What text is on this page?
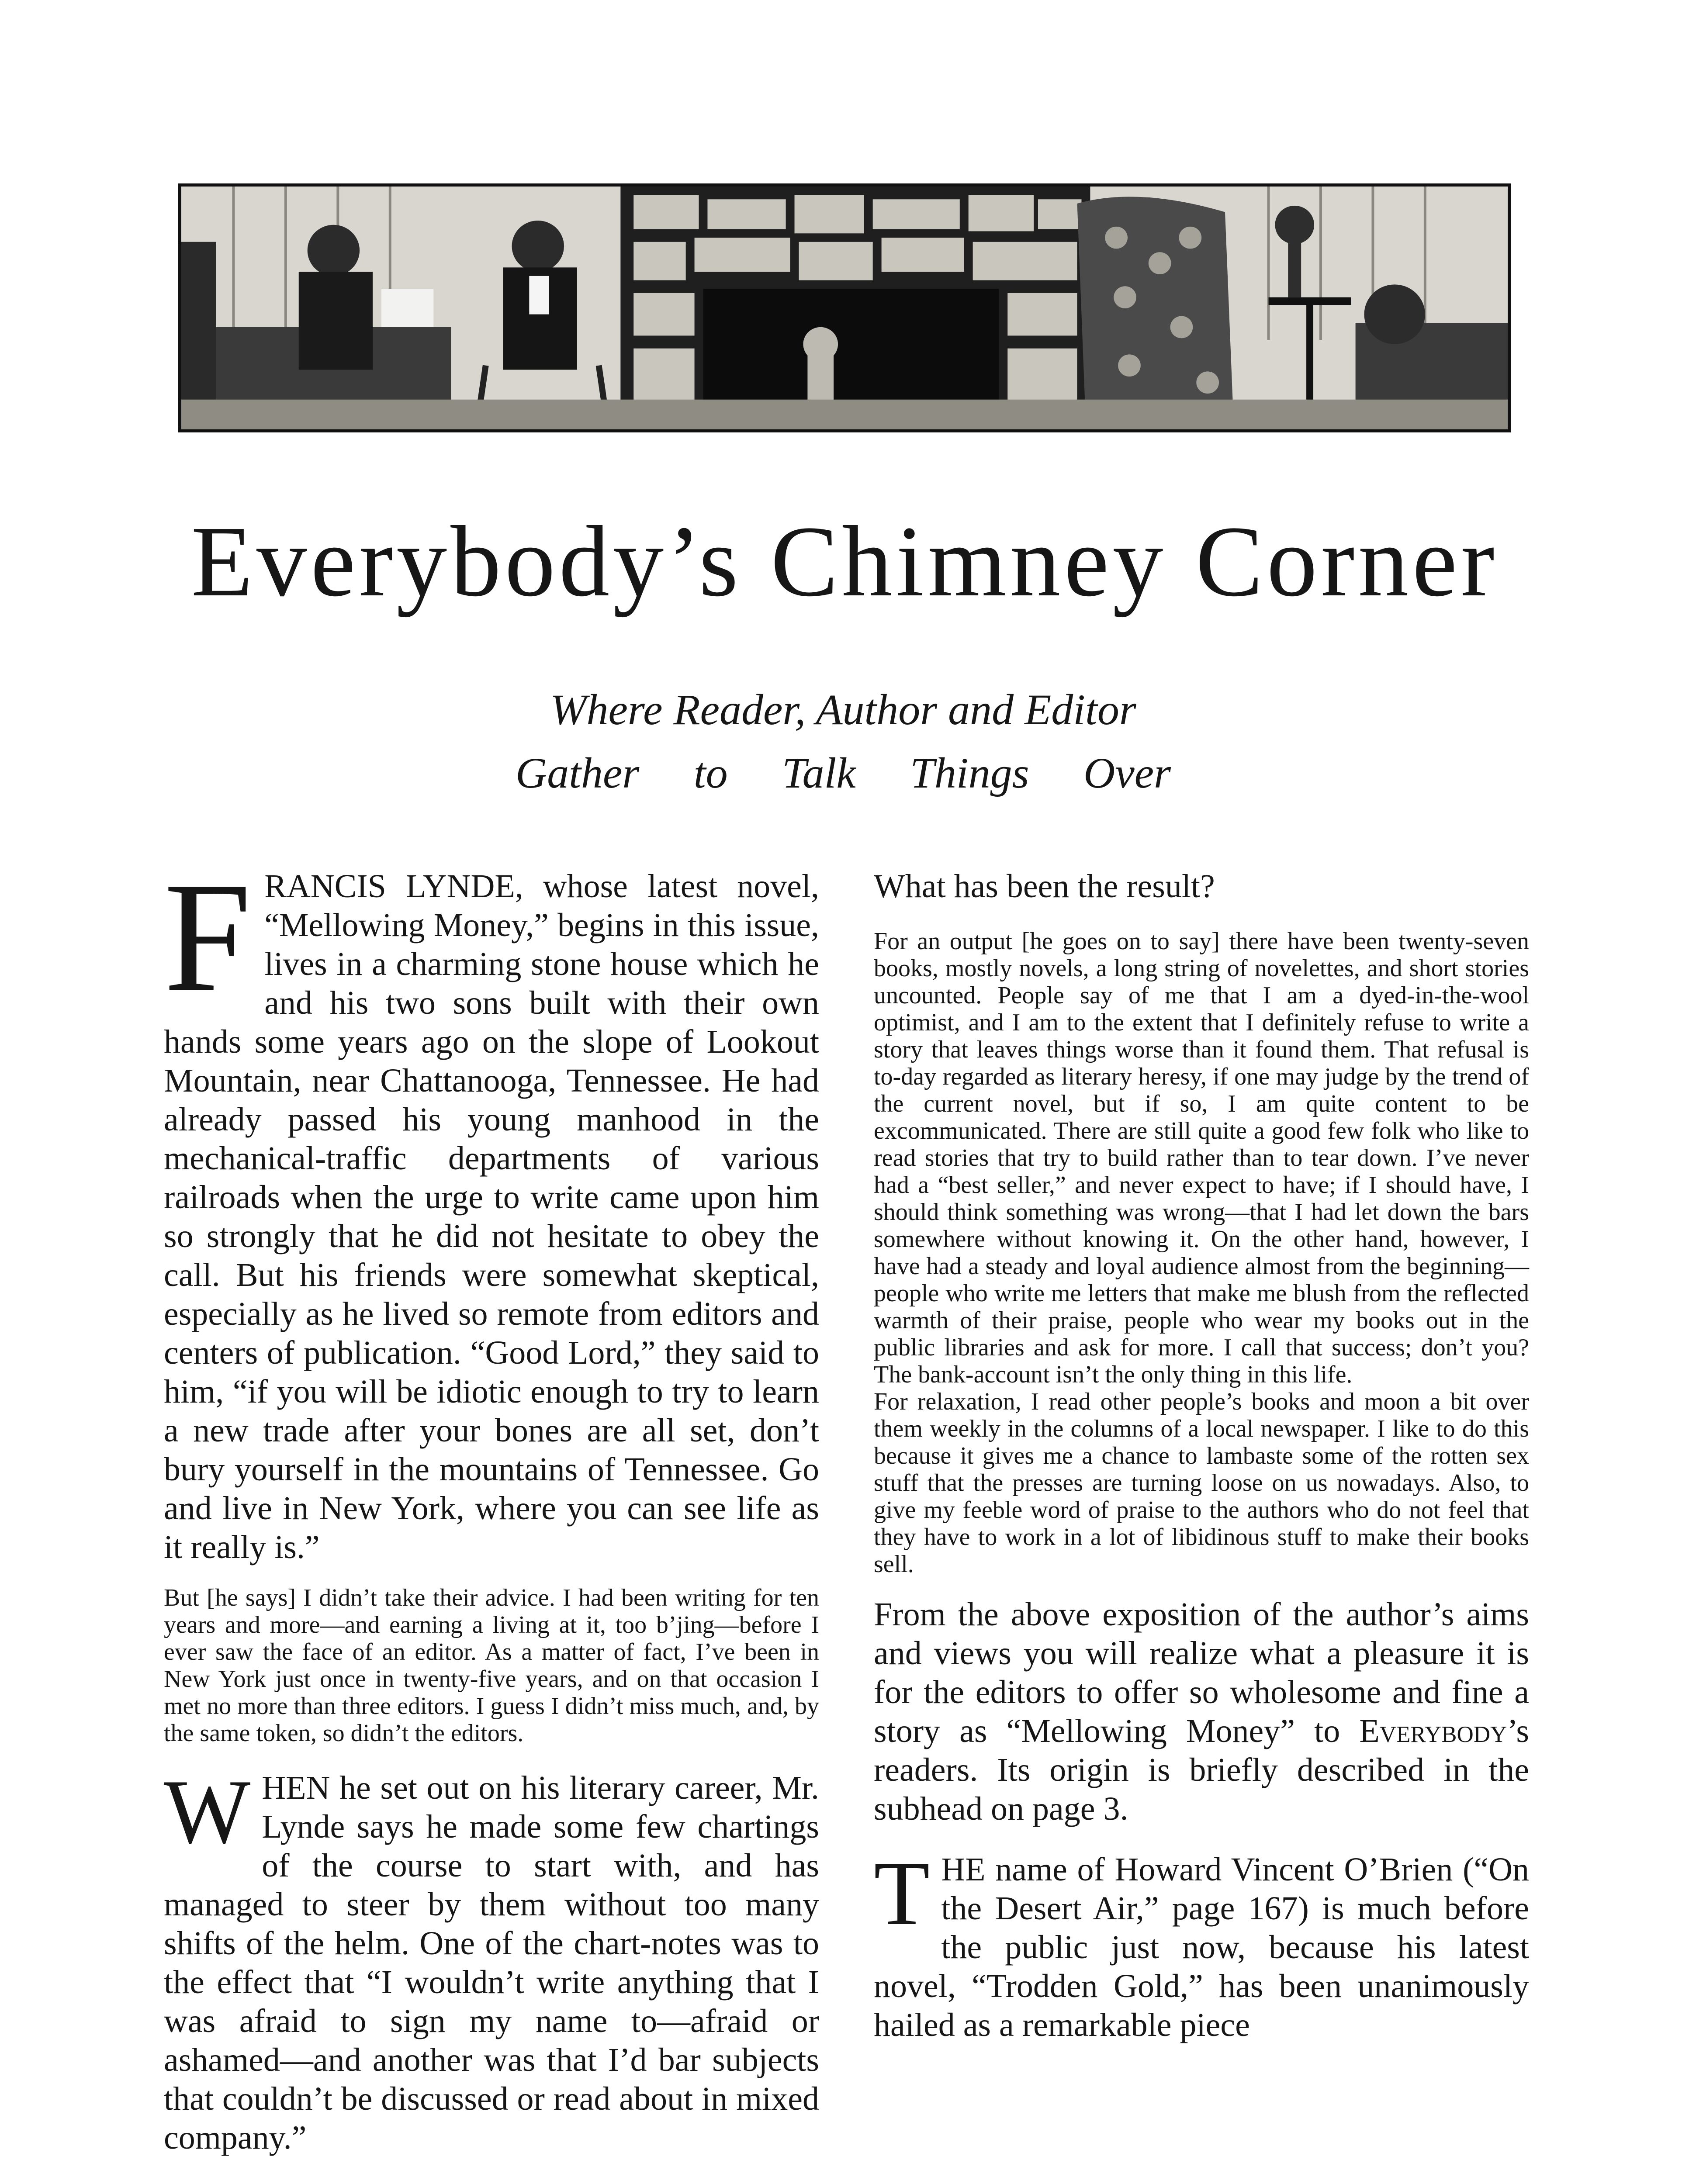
Everybody’s Chimney Corner

Where Reader, Author and Editor

Gather to Talk Things Over

FRANCIS LYNDE, whose latest novel, “Mellowing Money,” begins in this issue, lives in a charming stone house which he and his two sons built with their own hands some years ago on the slope of Lookout Mountain, near Chattanooga, Tennessee. He had already passed his young manhood in the mechanical-traffic departments of various railroads when the urge to write came upon him so strongly that he did not hesitate to obey the call. But his friends were somewhat skeptical, especially as he lived so remote from editors and centers of publication. “Good Lord,” they said to him, “if you will be idiotic enough to try to learn a new trade after your bones are all set, don’t bury yourself in the mountains of Tennessee. Go and live in New York, where you can see life as it really is.”

But [he says] I didn’t take their advice. I had been writing for ten years and more—and earning a living at it, too b’jing—before I ever saw the face of an editor. As a matter of fact, I’ve been in New York just once in twenty-five years, and on that occasion I met no more than three editors. I guess I didn’t miss much, and, by the same token, so didn’t the editors.

WHEN he set out on his literary career, Mr. Lynde says he made some few chartings of the course to start with, and has managed to steer by them without too many shifts of the helm. One of the chart-notes was to the effect that “I wouldn’t write anything that I was afraid to sign my name to—afraid or ashamed—and another was that I’d bar subjects that couldn’t be discussed or read about in mixed company.”

What has been the result?

For an output [he goes on to say] there have been twenty-seven books, mostly novels, a long string of novelettes, and short stories uncounted. People say of me that I am a dyed-in-the-wool optimist, and I am to the extent that I definitely refuse to write a story that leaves things worse than it found them. That refusal is to-day regarded as literary heresy, if one may judge by the trend of the current novel, but if so, I am quite content to be excommunicated. There are still quite a good few folk who like to read stories that try to build rather than to tear down. I’ve never had a “best seller,” and never expect to have; if I should have, I should think something was wrong—that I had let down the bars somewhere without knowing it. On the other hand, however, I have had a steady and loyal audience almost from the beginning—people who write me letters that make me blush from the reflected warmth of their praise, people who wear my books out in the public libraries and ask for more. I call that success; don’t you? The bank-account isn’t the only thing in this life.

For relaxation, I read other people’s books and moon a bit over them weekly in the columns of a local newspaper. I like to do this because it gives me a chance to lambaste some of the rotten sex stuff that the presses are turning loose on us nowadays. Also, to give my feeble word of praise to the authors who do not feel that they have to work in a lot of libidinous stuff to make their books sell.

From the above exposition of the author’s aims and views you will realize what a pleasure it is for the editors to offer so wholesome and fine a story as “Mellowing Money” to Everybody’s readers. Its origin is briefly described in the subhead on page 3.

THE name of Howard Vincent O’Brien (“On the Desert Air,” page 167) is much before the public just now, because his latest novel, “Trodden Gold,” has been unanimously hailed as a remarkable piece
